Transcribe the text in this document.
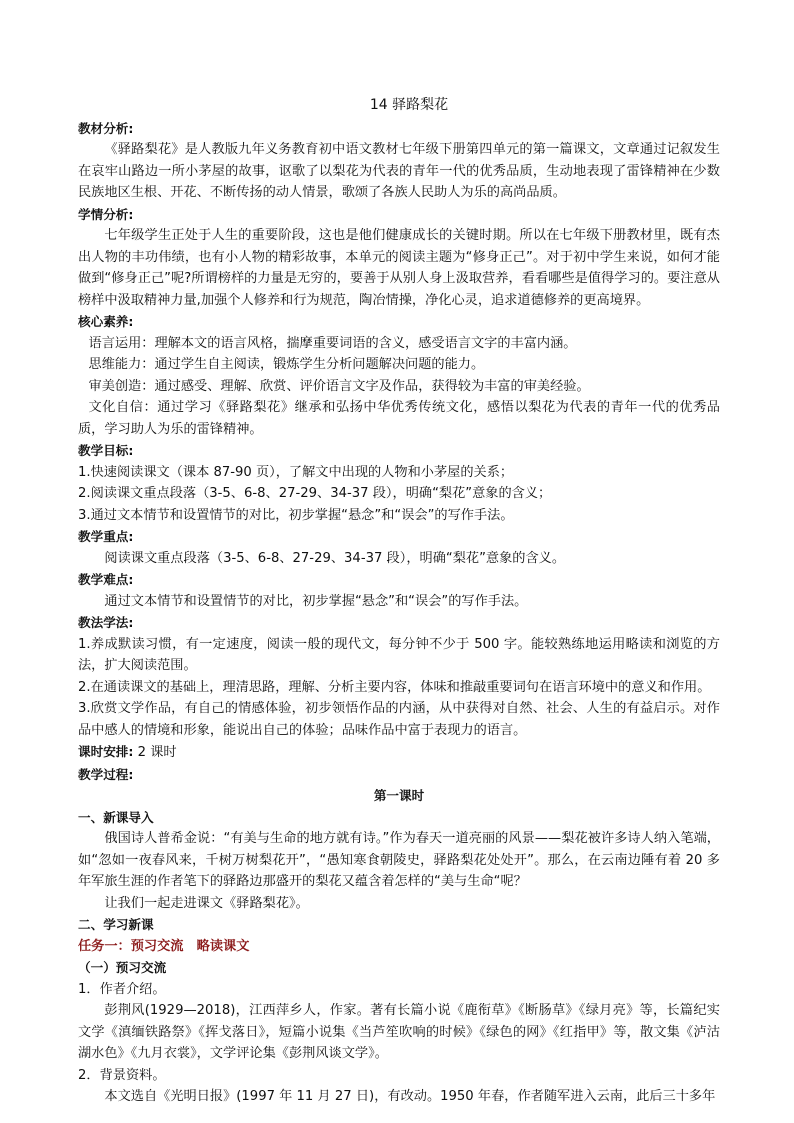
14 驿路梨花
教材分析:

《驿路梨花》是人教版九年义务教育初中语文教材七年级下册第四单元的第一篇课文，文章通过记叙发生在哀牢山路边一所小茅屋的故事，讴歌了以梨花为代表的青年一代的优秀品质，生动地表现了雷锋精神在少数民族地区生根、开花、不断传扬的动人情景，歌颂了各族人民助人为乐的高尚品质。

学情分析:

七年级学生正处于人生的重要阶段，这也是他们健康成长的关键时期。所以在七年级下册教材里，既有杰出人物的丰功伟绩，也有小人物的精彩故事，本单元的阅读主题为“修身正己”。对于初中学生来说，如何才能做到“修身正己”呢?所谓榜样的力量是无穷的，要善于从别人身上汲取营养，看看哪些是值得学习的。要注意从榜样中汲取精神力量,加强个人修养和行为规范，陶冶情操，净化心灵，追求道德修养的更高境界。

核心素养:

语言运用：理解本文的语言风格，揣摩重要词语的含义，感受语言文字的丰富内涵。

思维能力：通过学生自主阅读，锻炼学生分析问题解决问题的能力。

审美创造：通过感受、理解、欣赏、评价语言文字及作品，获得较为丰富的审美经验。

文化自信：通过学习《驿路梨花》继承和弘扬中华优秀传统文化，感悟以梨花为代表的青年一代的优秀品质，学习助人为乐的雷锋精神。

教学目标:

1.快速阅读课文（课本 87-90 页），了解文中出现的人物和小茅屋的关系；

2.阅读课文重点段落（3-5、6-8、27-29、34-37 段），明确“梨花”意象的含义；

3.通过文本情节和设置情节的对比，初步掌握“悬念”和“误会”的写作手法。

教学重点:

阅读课文重点段落（3-5、6-8、27-29、34-37 段），明确“梨花”意象的含义。

教学难点:

通过文本情节和设置情节的对比，初步掌握“悬念”和“误会”的写作手法。

教法学法:

1.养成默读习惯，有一定速度，阅读一般的现代文，每分钟不少于 500 字。能较熟练地运用略读和浏览的方法，扩大阅读范围。

2.在通读课文的基础上，理清思路，理解、分析主要内容，体味和推敲重要词句在语言环境中的意义和作用。

3.欣赏文学作品，有自己的情感体验，初步领悟作品的内涵，从中获得对自然、社会、人生的有益启示。对作品中感人的情境和形象，能说出自己的体验；品味作品中富于表现力的语言。

课时安排: 2 课时
教学过程:
第一课时
一、新课导入

俄国诗人普希金说：“有美与生命的地方就有诗。”作为春天一道亮丽的风景——梨花被许多诗人纳入笔端，如“忽如一夜春风来，千树万树梨花开”，“愚知寒食朝陵史，驿路梨花处处开”。那么，在云南边陲有着 20 多年军旅生涯的作者笔下的驿路边那盛开的梨花又蕴含着怎样的“美与生命“呢？

让我们一起走进课文《驿路梨花》。

二、学习新课
任务一：预习交流　略读课文
（一）预习交流
1．作者介绍。

彭荆风(1929—2018)，江西萍乡人，作家。著有长篇小说《鹿衔草》《断肠草》《绿月亮》等，长篇纪实文学《滇缅铁路祭》《挥戈落日》，短篇小说集《当芦笙吹响的时候》《绿色的网》《红指甲》等，散文集《泸沽湖水色》《九月衣裳》，文学评论集《彭荆风谈文学》。

2．背景资料。

本文选自《光明日报》(1997 年 11 月 27 日)，有改动。1950 年春，作者随军进入云南，此后三十多年
